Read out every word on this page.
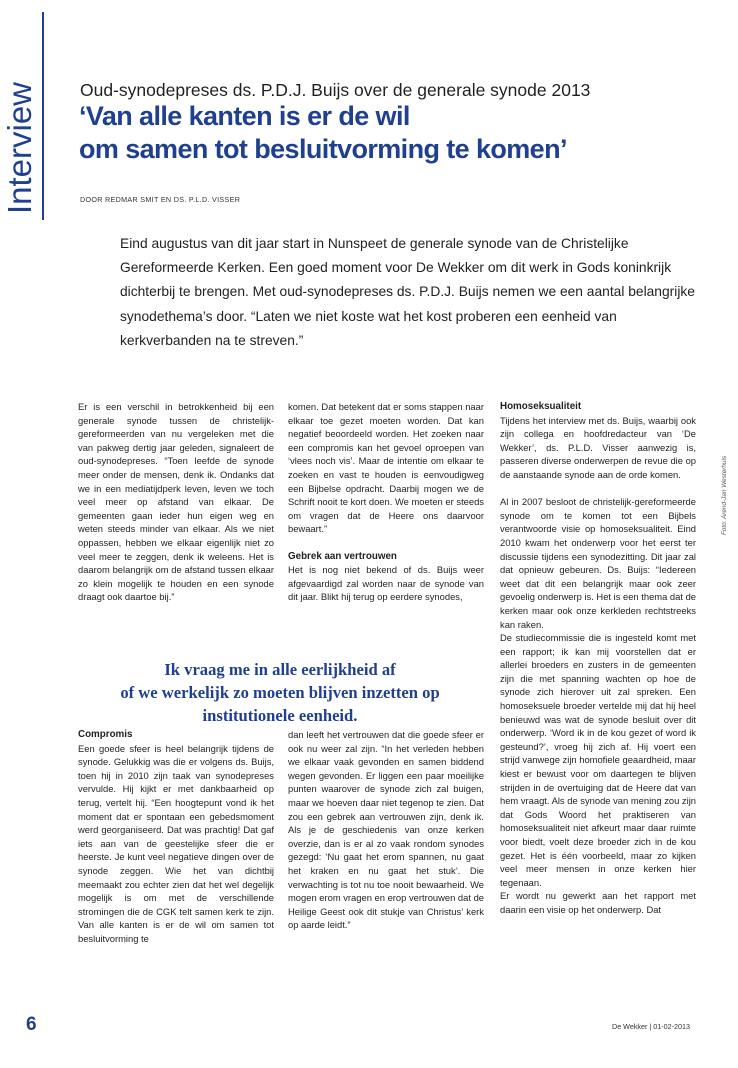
Interview Oud-synodepreses ds. P.D.J. Buijs over de generale synode 2013
‘Van alle kanten is er de wil
om samen tot besluitvorming te komen’
DOOR REDMAR SMIT EN DS. P.L.D. VISSER
Eind augustus van dit jaar start in Nunspeet de generale synode van de Christelijke Gereformeerde Kerken. Een goed moment voor De Wekker om dit werk in Gods koninkrijk dichterbij te brengen. Met oud-synodepreses ds. P.D.J. Buijs nemen we een aantal belangrijke synodethema’s door. “Laten we niet koste wat het kost proberen een eenheid van kerkverbanden na te streven.”

Er is een verschil in betrokkenheid bij een generale synode tussen de christelijk-gereformeerden van nu vergeleken met die van pakweg dertig jaar geleden, signaleert de oud-synodepreses. “Toen leefde de synode meer onder de mensen, denk ik. Ondanks dat we in een mediatijdperk leven, leven we toch veel meer op afstand van elkaar. De gemeenten gaan ieder hun eigen weg en weten steeds minder van elkaar. Als we niet oppassen, hebben we elkaar eigenlijk niet zo veel meer te zeggen, denk ik weleens. Het is daarom belangrijk om de afstand tussen elkaar zo klein mogelijk te houden en een synode draagt ook daartoe bij.”

komen. Dat betekent dat er soms stappen naar elkaar toe gezet moeten worden. Dat kan negatief beoordeeld worden. Het zoeken naar een compromis kan het gevoel oproepen van ‘vlees noch vis’. Maar de intentie om elkaar te zoeken en vast te houden is eenvoudigweg een Bijbelse opdracht. Daarbij mogen we de Schrift nooit te kort doen. We moeten er steeds om vragen dat de Heere ons daarvoor bewaart.”

Gebrek aan vertrouwen

Het is nog niet bekend of ds. Buijs weer afgevaardigd zal worden naar de synode van dit jaar. Blikt hij terug op eerdere synodes,

Homoseksualiteit

Tijdens het interview met ds. Buijs, waarbij ook zijn collega en hoofdredacteur van ‘De Wekker’, ds. P.L.D. Visser aanwezig is, passeren diverse onderwerpen de revue die op de aanstaande synode aan de orde komen.

Al in 2007 besloot de christelijk-gereformeerde synode om te komen tot een Bijbels verantwoorde visie op homoseksualiteit. Eind 2010 kwam het onderwerp voor het eerst ter discussie tijdens een synodezitting. Dit jaar zal dat opnieuw gebeuren. Ds. Buijs: “Iedereen weet dat dit een belangrijk maar ook zeer gevoelig onderwerp is. Het is een thema dat de kerken maar ook onze kerkleden rechtstreeks kan raken.

De studiecommissie die is ingesteld komt met een rapport; ik kan mij voorstellen dat er allerlei broeders en zusters in de gemeenten zijn die met spanning wachten op hoe de synode zich hierover uit zal spreken. Een homoseksuele broeder vertelde mij dat hij heel benieuwd was wat de synode besluit over dit onderwerp. ‘Word ik in de kou gezet of word ik gesteund?’, vroeg hij zich af. Hij voert een strijd vanwege zijn homofiele geaardheid, maar kiest er bewust voor om daartegen te blijven strijden in de overtuiging dat de Heere dat van hem vraagt. Als de synode van mening zou zijn dat Gods Woord het praktiseren van homoseksualiteit niet afkeurt maar daar ruimte voor biedt, voelt deze broeder zich in de kou gezet. Het is één voorbeeld, maar zo kijken veel meer mensen in onze kerken hier tegenaan.

Er wordt nu gewerkt aan het rapport met daarin een visie op het onderwerp. Dat

Ik vraag me in alle eerlijkheid af
of we werkelijk zo moeten blijven inzetten op
institutionele eenheid.
Compromis

Een goede sfeer is heel belangrijk tijdens de synode. Gelukkig was die er volgens ds. Buijs, toen hij in 2010 zijn taak van synodepreses vervulde. Hij kijkt er met dankbaarheid op terug, vertelt hij. “Een hoogtepunt vond ik het moment dat er spontaan een gebedsmoment werd georganiseerd. Dat was prachtig! Dat gaf iets aan van de geestelijke sfeer die er heerste. Je kunt veel negatieve dingen over de synode zeggen. Wie het van dichtbij meemaakt zou echter zien dat het wel degelijk mogelijk is om met de verschillende stromingen die de CGK telt samen kerk te zijn. Van alle kanten is er de wil om samen tot besluitvorming te

dan leeft het vertrouwen dat die goede sfeer er ook nu weer zal zijn. “In het verleden hebben we elkaar vaak gevonden en samen biddend wegen gevonden. Er liggen een paar moeilijke punten waarover de synode zich zal buigen, maar we hoeven daar niet tegenop te zien. Dat zou een gebrek aan vertrouwen zijn, denk ik. Als je de geschiedenis van onze kerken overzie, dan is er al zo vaak rondom synodes gezegd: ‘Nu gaat het erom spannen, nu gaat het kraken en nu gaat het stuk’. Die verwachting is tot nu toe nooit bewaarheid. We mogen erom vragen en erop vertrouwen dat de Heilige Geest ook dit stukje van Christus’ kerk op aarde leidt.”

Foto: Arend-Jan Westerhuis
6	De Wekker | 01-02-2013
